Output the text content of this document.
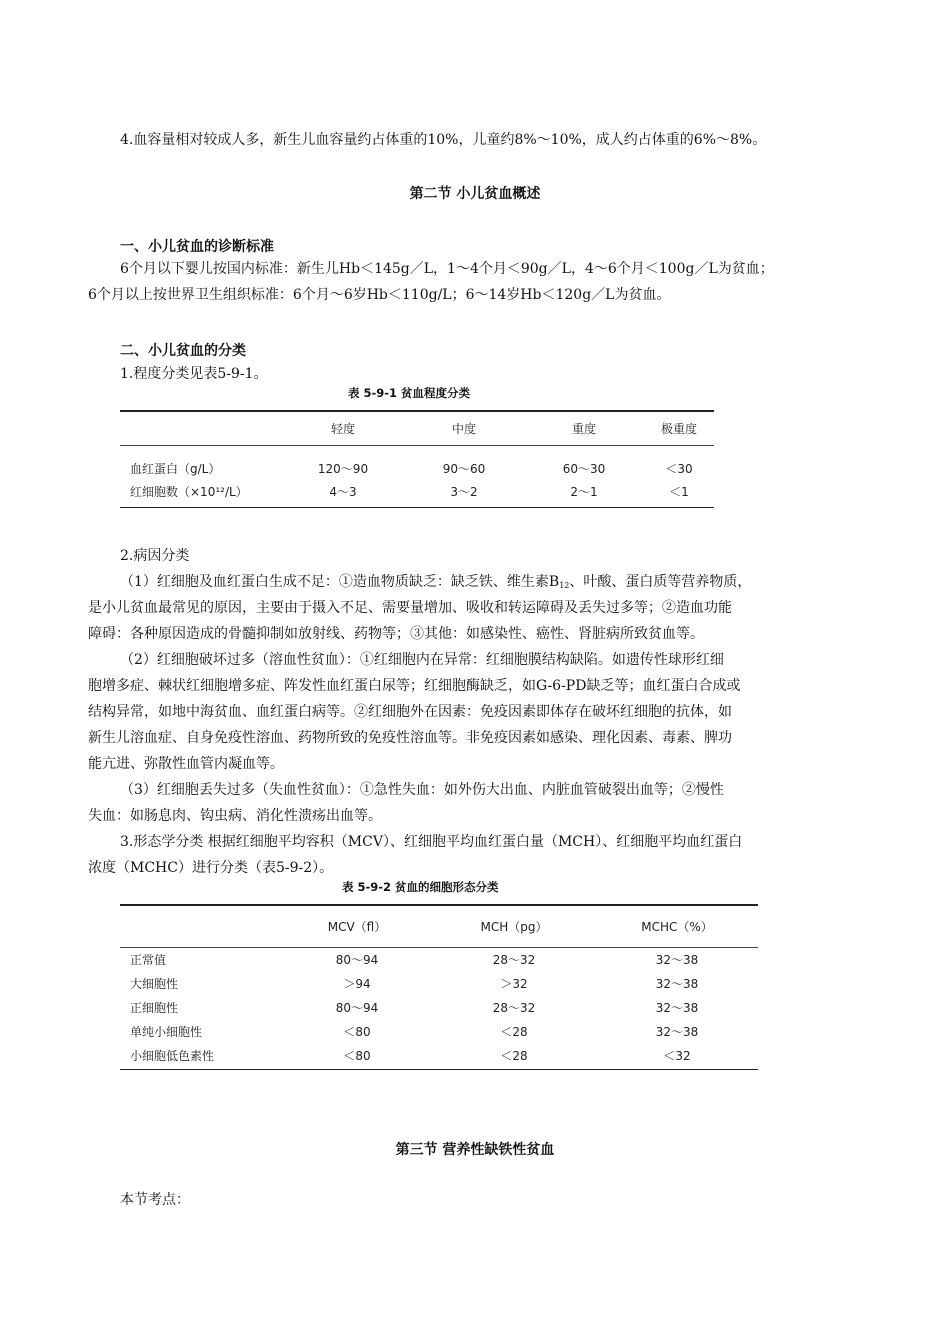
4.血容量相对较成人多，新生儿血容量约占体重的10%，儿童约8%～10%，成人约占体重的6%～8%。
第二节 小儿贫血概述
一、小儿贫血的诊断标准
6个月以下婴儿按国内标准：新生儿Hb＜145g／L，1～4个月＜90g／L，4～6个月＜100g／L为贫血；
6个月以上按世界卫生组织标准：6个月～6岁Hb＜110g/L；6～14岁Hb＜120g／L为贫血。
二、小儿贫血的分类
1.程度分类见表5-9-1。
表 5-9-1 贫血程度分类
	轻度	中度	重度	极重度
血红蛋白（g/L）	120～90	90～60	60～30	＜30
红细胞数（×10¹²/L）	4～3	3～2	2～1	＜1
2.病因分类
（1）红细胞及血红蛋白生成不足：①造血物质缺乏：缺乏铁、维生素$B_{12}$、叶酸、蛋白质等营养物质，
是小儿贫血最常见的原因，主要由于摄入不足、需要量增加、吸收和转运障碍及丢失过多等；②造血功能
障碍：各种原因造成的骨髓抑制如放射线、药物等；③其他：如感染性、癌性、肾脏病所致贫血等。
（2）红细胞破坏过多（溶血性贫血）：①红细胞内在异常：红细胞膜结构缺陷。如遗传性球形红细
胞增多症、棘状红细胞增多症、阵发性血红蛋白尿等；红细胞酶缺乏，如G-6-PD缺乏等；血红蛋白合成或
结构异常，如地中海贫血、血红蛋白病等。②红细胞外在因素：免疫因素即体存在破坏红细胞的抗体，如
新生儿溶血症、自身免疫性溶血、药物所致的免疫性溶血等。非免疫因素如感染、理化因素、毒素、脾功
能亢进、弥散性血管内凝血等。
（3）红细胞丢失过多（失血性贫血）：①急性失血：如外伤大出血、内脏血管破裂出血等；②慢性
失血：如肠息肉、钩虫病、消化性溃疡出血等。
3.形态学分类 根据红细胞平均容积（MCV）、红细胞平均血红蛋白量（MCH）、红细胞平均血红蛋白
浓度（MCHC）进行分类（表5-9-2）。
表 5-9-2 贫血的细胞形态分类
	MCV（fl）	MCH（pg）	MCHC（%）
正常值	80～94	28～32	32～38
大细胞性	＞94	＞32	32～38
正细胞性	80～94	28～32	32～38
单纯小细胞性	＜80	＜28	32～38
小细胞低色素性	＜80	＜28	＜32
第三节 营养性缺铁性贫血
本节考点：
